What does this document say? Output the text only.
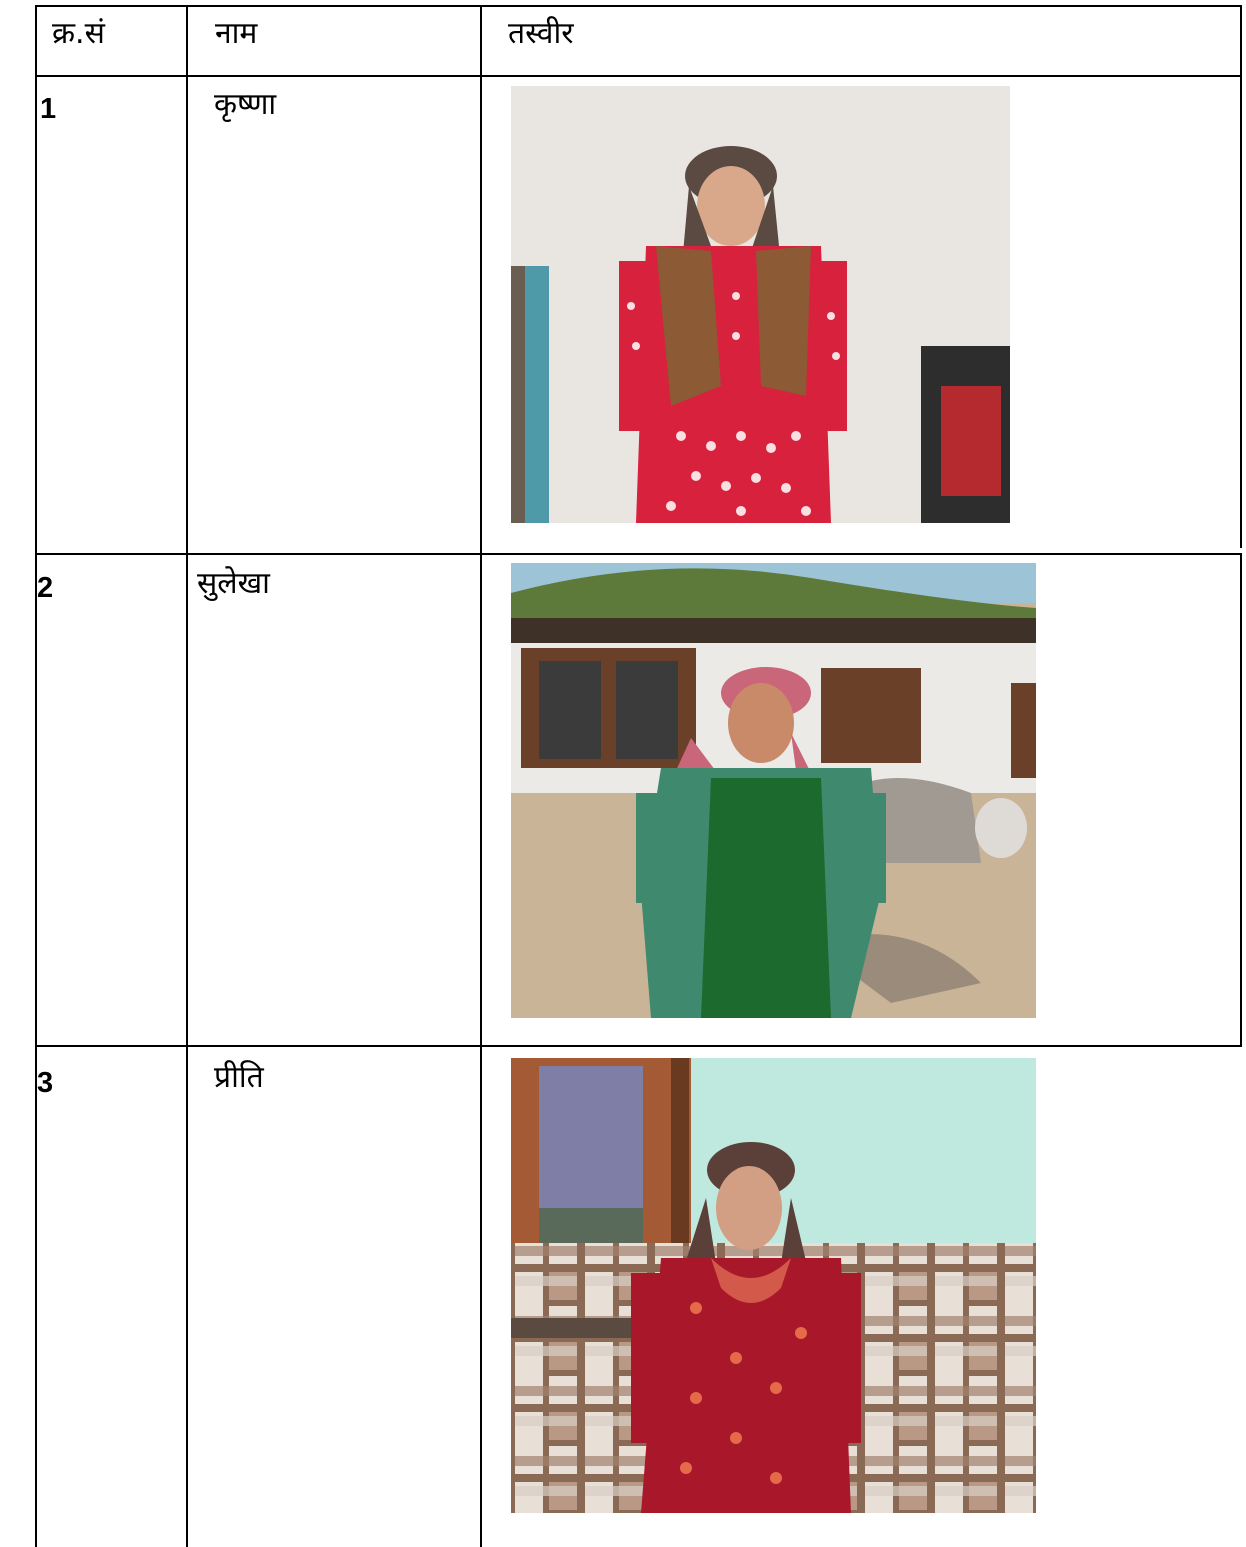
क्र.सं	नाम	तस्वीर
1	कृष्णा
2	सुलेखा
3	प्रीति
